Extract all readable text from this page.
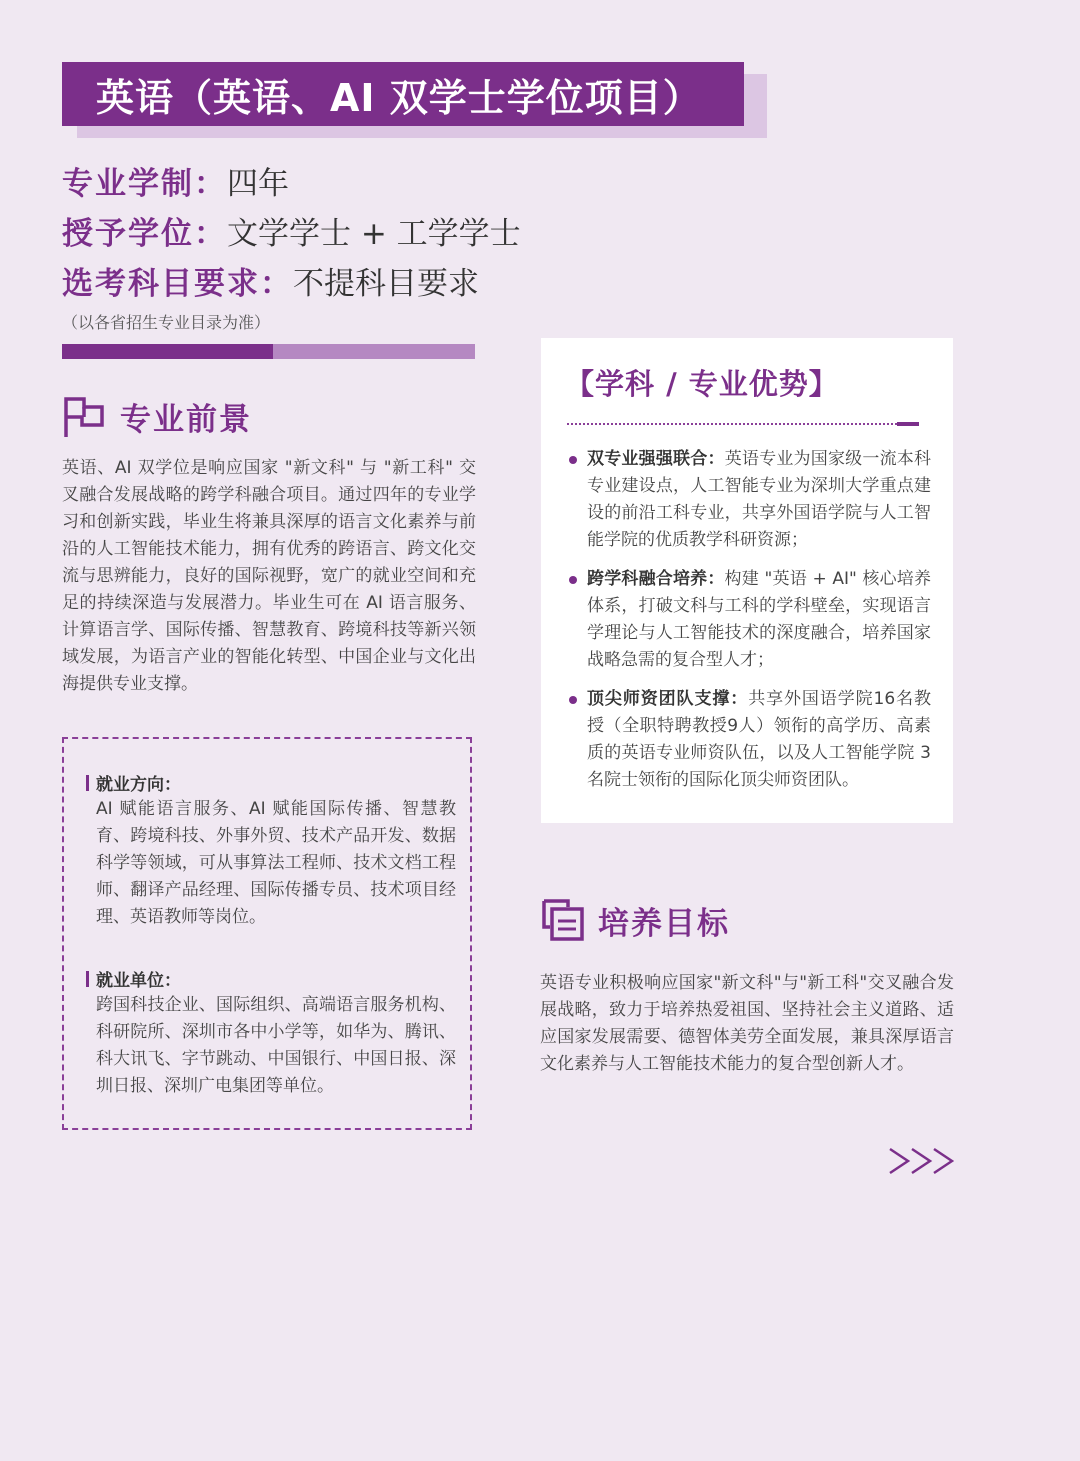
英语（英语、AI 双学士学位项目）
专业学制：四年
授予学位：文学学士 + 工学学士
选考科目要求：不提科目要求
（以各省招生专业目录为准）
专业前景
英语、AI 双学位是响应国家 "新文科" 与 "新工科" 交叉融合发展战略的跨学科融合项目。通过四年的专业学习和创新实践，毕业生将兼具深厚的语言文化素养与前沿的人工智能技术能力，拥有优秀的跨语言、跨文化交流与思辨能力，良好的国际视野，宽广的就业空间和充足的持续深造与发展潜力。毕业生可在 AI 语言服务、计算语言学、国际传播、智慧教育、跨境科技等新兴领域发展，为语言产业的智能化转型、中国企业与文化出海提供专业支撑。
就业方向：
AI 赋能语言服务、AI 赋能国际传播、智慧教育、跨境科技、外事外贸、技术产品开发、数据科学等领域，可从事算法工程师、技术文档工程师、翻译产品经理、国际传播专员、技术项目经理、英语教师等岗位。
就业单位：
跨国科技企业、国际组织、高端语言服务机构、科研院所、深圳市各中小学等，如华为、腾讯、科大讯飞、字节跳动、中国银行、中国日报、深圳日报、深圳广电集团等单位。
【学科 / 专业优势】
双专业强强联合：英语专业为国家级一流本科专业建设点，人工智能专业为深圳大学重点建设的前沿工科专业，共享外国语学院与人工智能学院的优质教学科研资源；
跨学科融合培养：构建 "英语 + AI" 核心培养体系，打破文科与工科的学科壁垒，实现语言学理论与人工智能技术的深度融合，培养国家战略急需的复合型人才；
顶尖师资团队支撑：共享外国语学院16名教授（全职特聘教授9人）领衔的高学历、高素质的英语专业师资队伍，以及人工智能学院 3 名院士领衔的国际化顶尖师资团队。
培养目标
英语专业积极响应国家"新文科"与"新工科"交叉融合发展战略，致力于培养热爱祖国、坚持社会主义道路、适应国家发展需要、德智体美劳全面发展，兼具深厚语言文化素养与人工智能技术能力的复合型创新人才。
